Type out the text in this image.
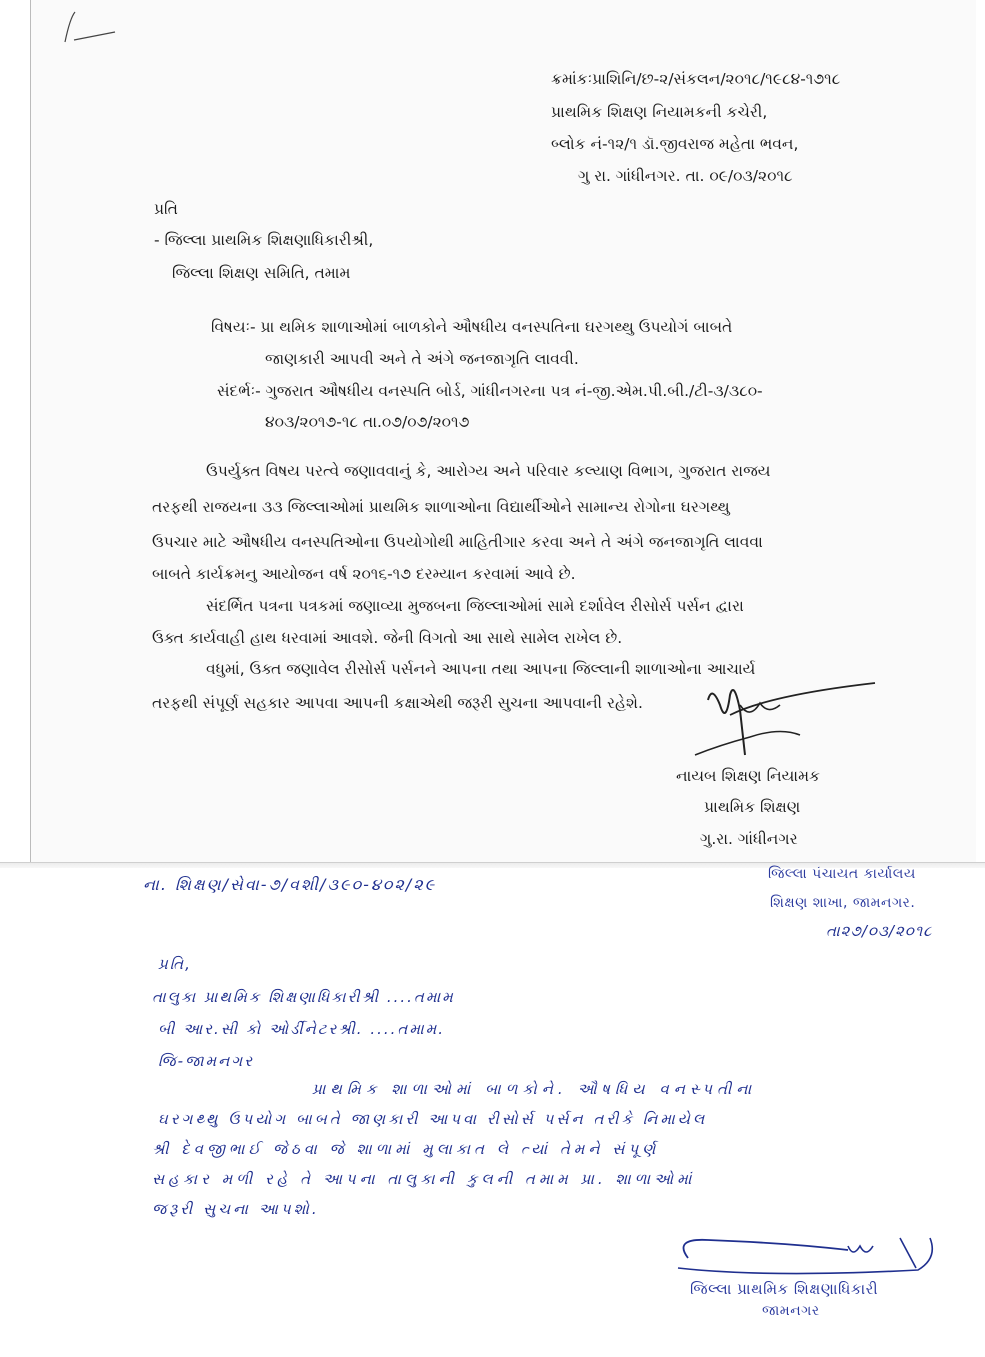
ક્રમાંકઃપ્રાશિનિ/છ-૨/સંકલન/૨૦૧૮/૧૯૮૪-૧૭૧૮
પ્રાથમિક શિક્ષણ નિયામકની કચેરી,
બ્લોક નં-૧૨/૧ ડૉ.જીવરાજ મહેતા ભવન,
ગુ રા. ગાંધીનગર. તા. ૦૯/૦૩/૨૦૧૮
પ્રતિ
- જિલ્લા પ્રાથમિક શિક્ષણાધિકારીશ્રી,
જિલ્લા શિક્ષણ સમિતિ, તમામ
વિષયઃ- પ્રા થમિક શાળાઓમાં બાળકોને ઔષધીય વનસ્પતિના ઘરગથ્થુ ઉપયોગં બાબતે
જાણકારી આપવી અને તે અંગે જનજાગૃતિ લાવવી.
સંદર્ભઃ- ગુજરાત ઔષધીય વનસ્પતિ બોર્ડ, ગાંધીનગરના પત્ર નં-જી.એમ.પી.બી./ટી-૩/૩૮૦-
૪૦૩/૨૦૧૭-૧૮ તા.૦૭/૦૭/૨૦૧૭
ઉપર્યુક્ત વિષય પરત્વે જણાવવાનું કે, આરોગ્ય અને પરિવાર કલ્યાણ વિભાગ, ગુજરાત રાજય
તરફથી રાજયના ૩૩ જિલ્લાઓમાં પ્રાથમિક શાળાઓના વિદ્યાર્થીઓને સામાન્ય રોગોના ઘરગથ્થુ
ઉપચાર માટે ઔષધીય વનસ્પતિઓના ઉપયોગોથી માહિતીગાર કરવા અને તે અંગે જનજાગૃતિ લાવવા
બાબતે કાર્યક્રમનુ આયોજન વર્ષ ૨૦૧૬-૧૭ દરમ્યાન કરવામાં આવે છે.
સંદર્ભિત પત્રના પત્રકમાં જણાવ્યા મુજબના જિલ્લાઓમાં સામે દર્શાવેલ રીસોર્સ પર્સન દ્વારા
ઉક્ત કાર્યવાહી હાથ ધરવામાં આવશે. જેની વિગતો આ સાથે સામેલ રાખેલ છે.
વધુમાં, ઉક્ત જણાવેલ રીસોર્સ પર્સનને આપના તથા આપના જિલ્લાની શાળાઓના આચાર્ય
તરફથી સંપૂર્ણ સહકાર આપવા આપની કક્ષાએથી જરૂરી સુચના આપવાની રહેશે.
નાયબ શિક્ષણ નિયામક
પ્રાથમિક શિક્ષણ
ગુ.રા. ગાંધીનગર
ના. શિક્ષણ/સેવા-૭/વશી/૩૯૦-૪૦૨/૨૯
જિલ્લા પંચાયત કાર્યાલય
શિક્ષણ શાખા, જામનગર.
તા૨૭/૦૩/૨૦૧૮
પ્રતિ,
તાલુકા પ્રાથમિક શિક્ષણાધિકારીશ્રી ....તમામ
બી આર.સી કો ઓર્ડીનેટરશ્રી. ....તમામ.
જિ-જામનગર
પ્રાથમિક શાળાઓમાં બાળકોને. ઔષધિય વનસ્પતીના
ઘરગથ્થુ ઉપયોગ બાબતે જાણકારી આપવા રીસોર્સ પર્સન તરીકે નિમાયેલ
શ્રી દેવજીભાઈ જેઠવા જે શાળામાં મુલાકાત લે ત્યાં તેમને સંપૂર્ણ
સહકાર મળી રહે તે આપના તાલુકાની કુલની તમામ પ્રા. શાળાઓમાં
જરૂરી સુચના આપશો.
જિલ્લા પ્રાથમિક શિક્ષણાધિકારી
જામનગર
